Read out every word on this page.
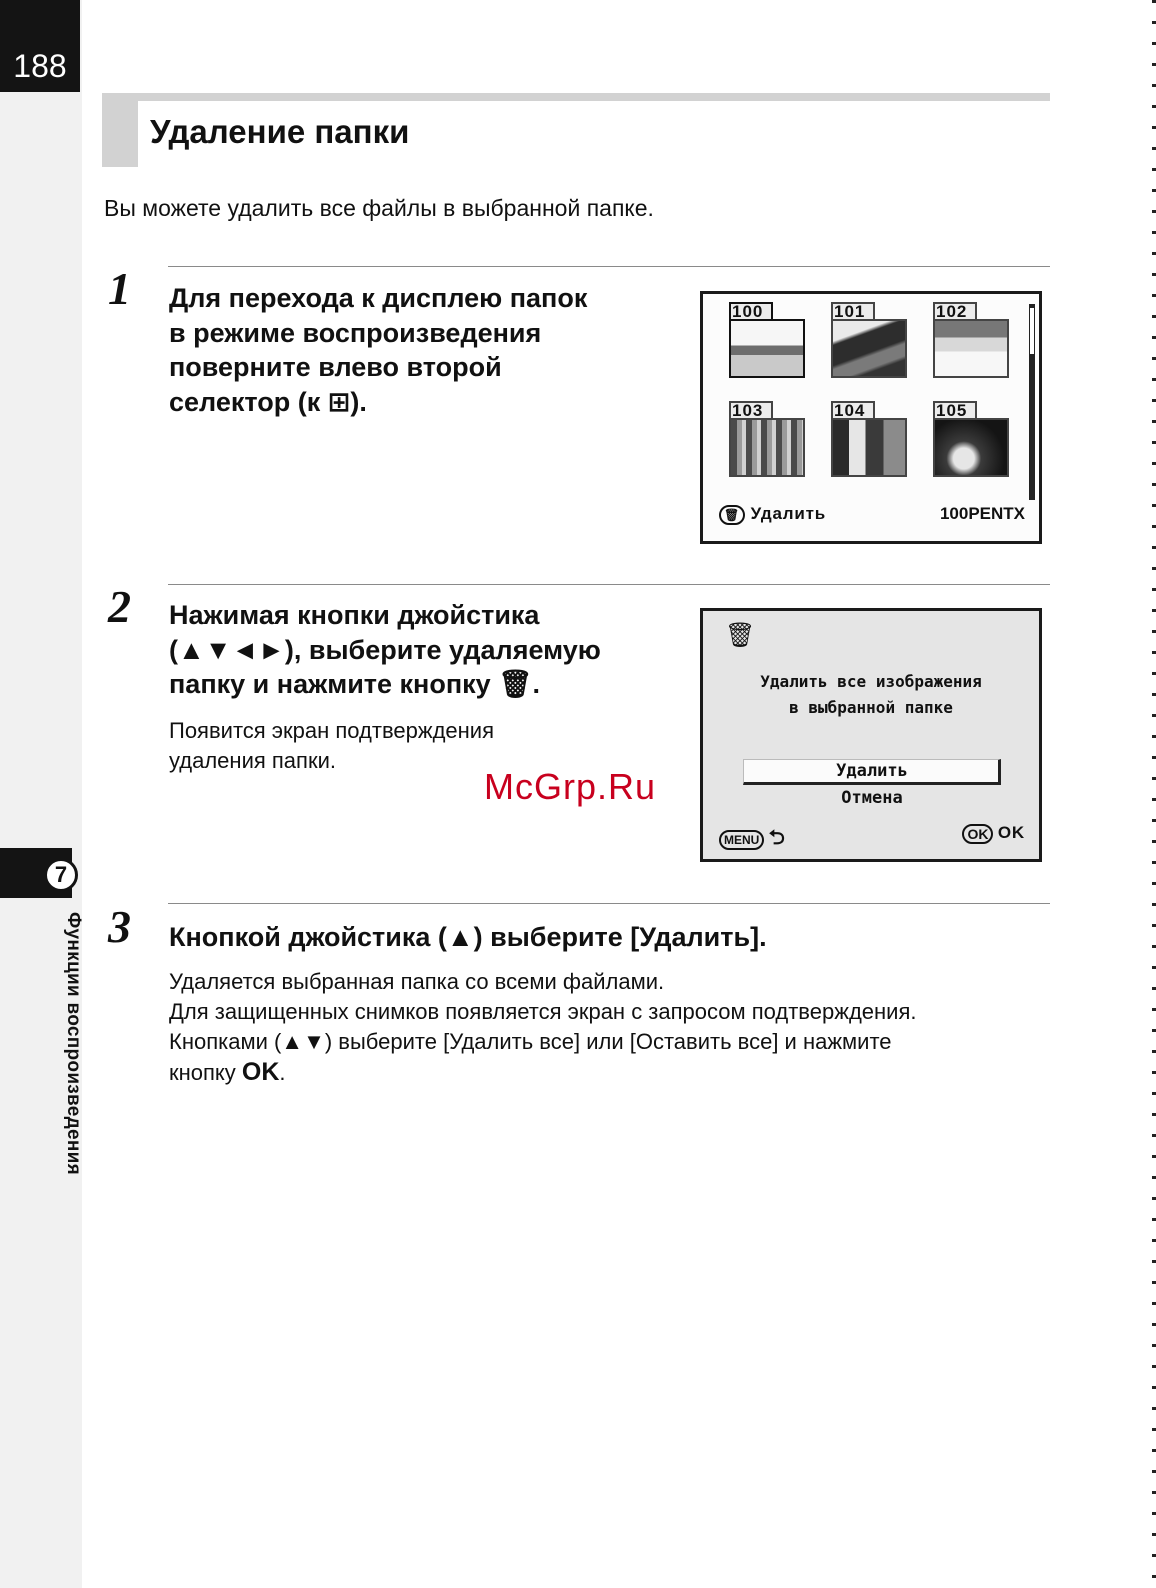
188
7
Функции воспроизведения
Удаление папки
Вы можете удалить все файлы в выбранной папке.
1 Для перехода к дисплею папок
в режиме воспроизведения
поверните влево второй
селектор (к ⊞).
100	101	102
103	104	105
🗑 Удалить	100PENTX
2 Нажимая кнопки джойстика
(▲▼◄►), выберите удаляемую
папку и нажмите кнопку 🗑.
Появится экран подтверждения
удаления папки.
🗑
Удалить все изображения
в выбранной папке
Удалить
Отмена
MENU ⮌	OK OK
McGrp.Ru
3 Кнопкой джойстика (▲) выберите [Удалить].
Удаляется выбранная папка со всеми файлами.
Для защищенных снимков появляется экран с запросом подтверждения.
Кнопками (▲▼) выберите [Удалить все] или [Оставить все] и нажмите
кнопку OK.
